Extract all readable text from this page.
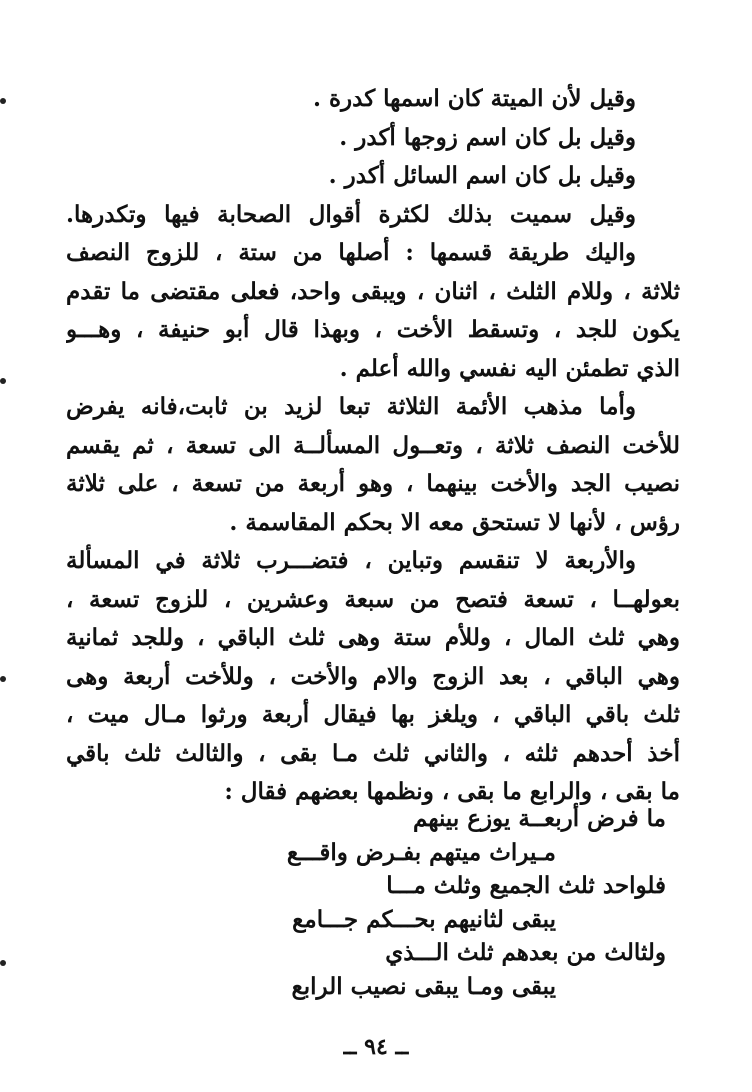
وقيل لأن الميتة كان اسمها كدرة .
وقيل بل كان اسم زوجها أكدر .
وقيل بل كان اسم السائل أكدر .
وقيل سميت بذلك لكثرة أقوال الصحابة فيها وتكدرها.
واليك طريقة قسمها : أصلها من ستة ، للزوج النصف
ثلاثة ، وللام الثلث ، اثنان ، ويبقى واحد، فعلى مقتضى ما تقدم
يكون للجد ، وتسقط الأخت ، وبهذا قال أبو حنيفة ، وهـــو
الذي تطمئن اليه نفسي والله أعلم .
وأما مذهب الأئمة الثلاثة تبعا لزيد بن ثابت،فانه يفرض
للأخت النصف ثلاثة ، وتعــول المسألــة الى تسعة ، ثم يقسم
نصيب الجد والأخت بينهما ، وهو أربعة من تسعة ، على ثلاثة
رؤس ، لأنها لا تستحق معه الا بحكم المقاسمة .
والأربعة لا تنقسم وتباين ، فتضـــرب ثلاثة في المسألة
بعولهــا ، تسعة فتصح من سبعة وعشرين ، للزوج تسعة ،
وهي ثلث المال ، وللأم ستة وهى ثلث الباقي ، وللجد ثمانية
وهي الباقي ، بعد الزوج والام والأخت ، وللأخت أربعة وهى
ثلث باقي الباقي ، ويلغز بها فيقال أربعة ورثوا مـال ميت ،
أخذ أحدهم ثلثه ، والثاني ثلث مـا بقى ، والثالث ثلث باقي
ما بقى ، والرابع ما بقى ، ونظمها بعضهم فقال :
ما فرض أربعــة يوزع بينهم
مـيراث ميتهم بفـرض واقـــع
فلواحد ثلث الجميع وثلث مـــا
يبقى لثانيهم بحـــكم جـــامع
ولثالث من بعدهم ثلث الـــذي
يبقى ومـا يبقى نصيب الرابع
ــ ٩٤ ــ
